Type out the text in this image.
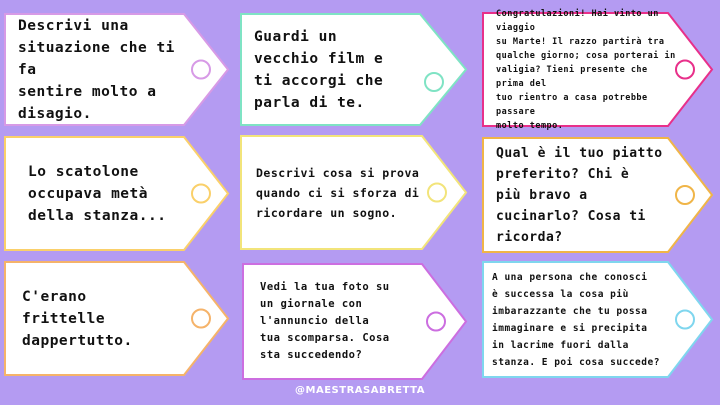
Descrivi una
situazione che ti fa
sentire molto a
disagio.
Guardi un
vecchio film e
ti accorgi che
parla di te.
Congratulazioni! Hai vinto un viaggio
su Marte! Il razzo partirà tra
qualche giorno; cosa porterai in
valigia? Tieni presente che prima del
tuo rientro a casa potrebbe passare
molto tempo.
Lo scatolone
occupava metà
della stanza...
Descrivi cosa si prova
quando ci si sforza di
ricordare un sogno.
Qual è il tuo piatto
preferito? Chi è
più bravo a
cucinarlo? Cosa ti
ricorda?
C'erano
frittelle
dappertutto.
Vedi la tua foto su
un giornale con
l'annuncio della
tua scomparsa. Cosa
sta succedendo?
A una persona che conosci
è successa la cosa più
imbarazzante che tu possa
immaginare e si precipita
in lacrime fuori dalla
stanza. E poi cosa succede?
@MAESTRASABRETTA
